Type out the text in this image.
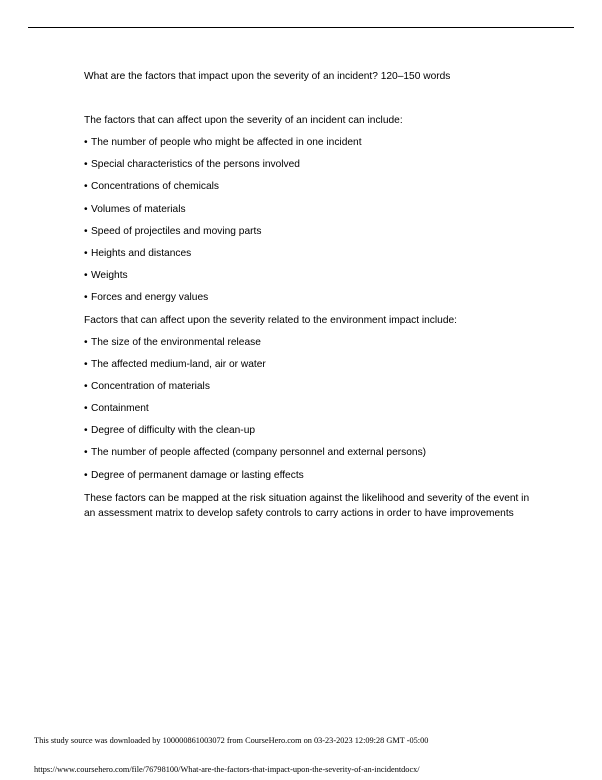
What are the factors that impact upon the severity of an incident? 120–150 words

The factors that can affect upon the severity of an incident can include:

• The number of people who might be affected in one incident
• Special characteristics of the persons involved
• Concentrations of chemicals
• Volumes of materials
• Speed of projectiles and moving parts
• Heights and distances
• Weights
• Forces and energy values

Factors that can affect upon the severity related to the environment impact include:

• The size of the environmental release
• The affected medium-land, air or water
• Concentration of materials
• Containment
• Degree of difficulty with the clean-up
• The number of people affected (company personnel and external persons)
• Degree of permanent damage or lasting effects

These factors can be mapped at the risk situation against the likelihood and severity of the event in an assessment matrix to develop safety controls to carry actions in order to have improvements

This study source was downloaded by 100000861003072 from CourseHero.com on 03-23-2023 12:09:28 GMT -05:00
https://www.coursehero.com/file/76798100/What-are-the-factors-that-impact-upon-the-severity-of-an-incidentdocx/
